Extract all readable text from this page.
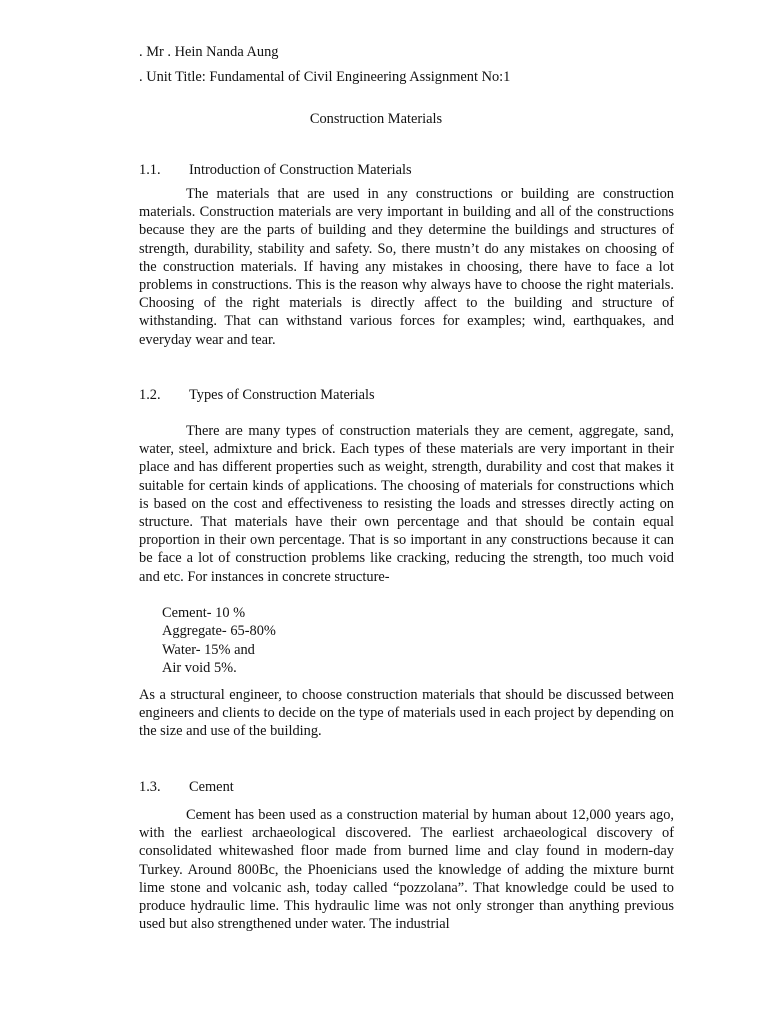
. Mr . Hein Nanda Aung
. Unit Title: Fundamental of Civil Engineering Assignment No:1
Construction Materials
1.1. Introduction of Construction Materials
The materials that are used in any constructions or building are construction materials. Construction materials are very important in building and all of the constructions because they are the parts of building and they determine the buildings and structures of strength, durability, stability and safety. So, there mustn’t do any mistakes on choosing of the construction materials. If having any mistakes in choosing, there have to face a lot problems in constructions. This is the reason why always have to choose the right materials. Choosing of the right materials is directly affect to the building and structure of withstanding. That can withstand various forces for examples; wind, earthquakes, and everyday wear and tear.
1.2. Types of Construction Materials
There are many types of construction materials they are cement, aggregate, sand, water, steel, admixture and brick. Each types of these materials are very important in their place and has different properties such as weight, strength, durability and cost that makes it suitable for certain kinds of applications. The choosing of materials for constructions which is based on the cost and effectiveness to resisting the loads and stresses directly acting on structure. That materials have their own percentage and that should be contain equal proportion in their own percentage. That is so important in any constructions because it can be face a lot of construction problems like cracking, reducing the strength, too much void and etc. For instances in concrete structure-
Cement- 10 %
Aggregate- 65-80%
Water- 15% and
Air void 5%.
As a structural engineer, to choose construction materials that should be discussed between engineers and clients to decide on the type of materials used in each project by depending on the size and use of the building.
1.3. Cement
Cement has been used as a construction material by human about 12,000 years ago, with the earliest archaeological discovered. The earliest archaeological discovery of consolidated whitewashed floor made from burned lime and clay found in modern-day Turkey. Around 800Bc, the Phoenicians used the knowledge of adding the mixture burnt lime stone and volcanic ash, today called “pozzolana”. That knowledge could be used to produce hydraulic lime. This hydraulic lime was not only stronger than anything previous used but also strengthened under water. The industrial
